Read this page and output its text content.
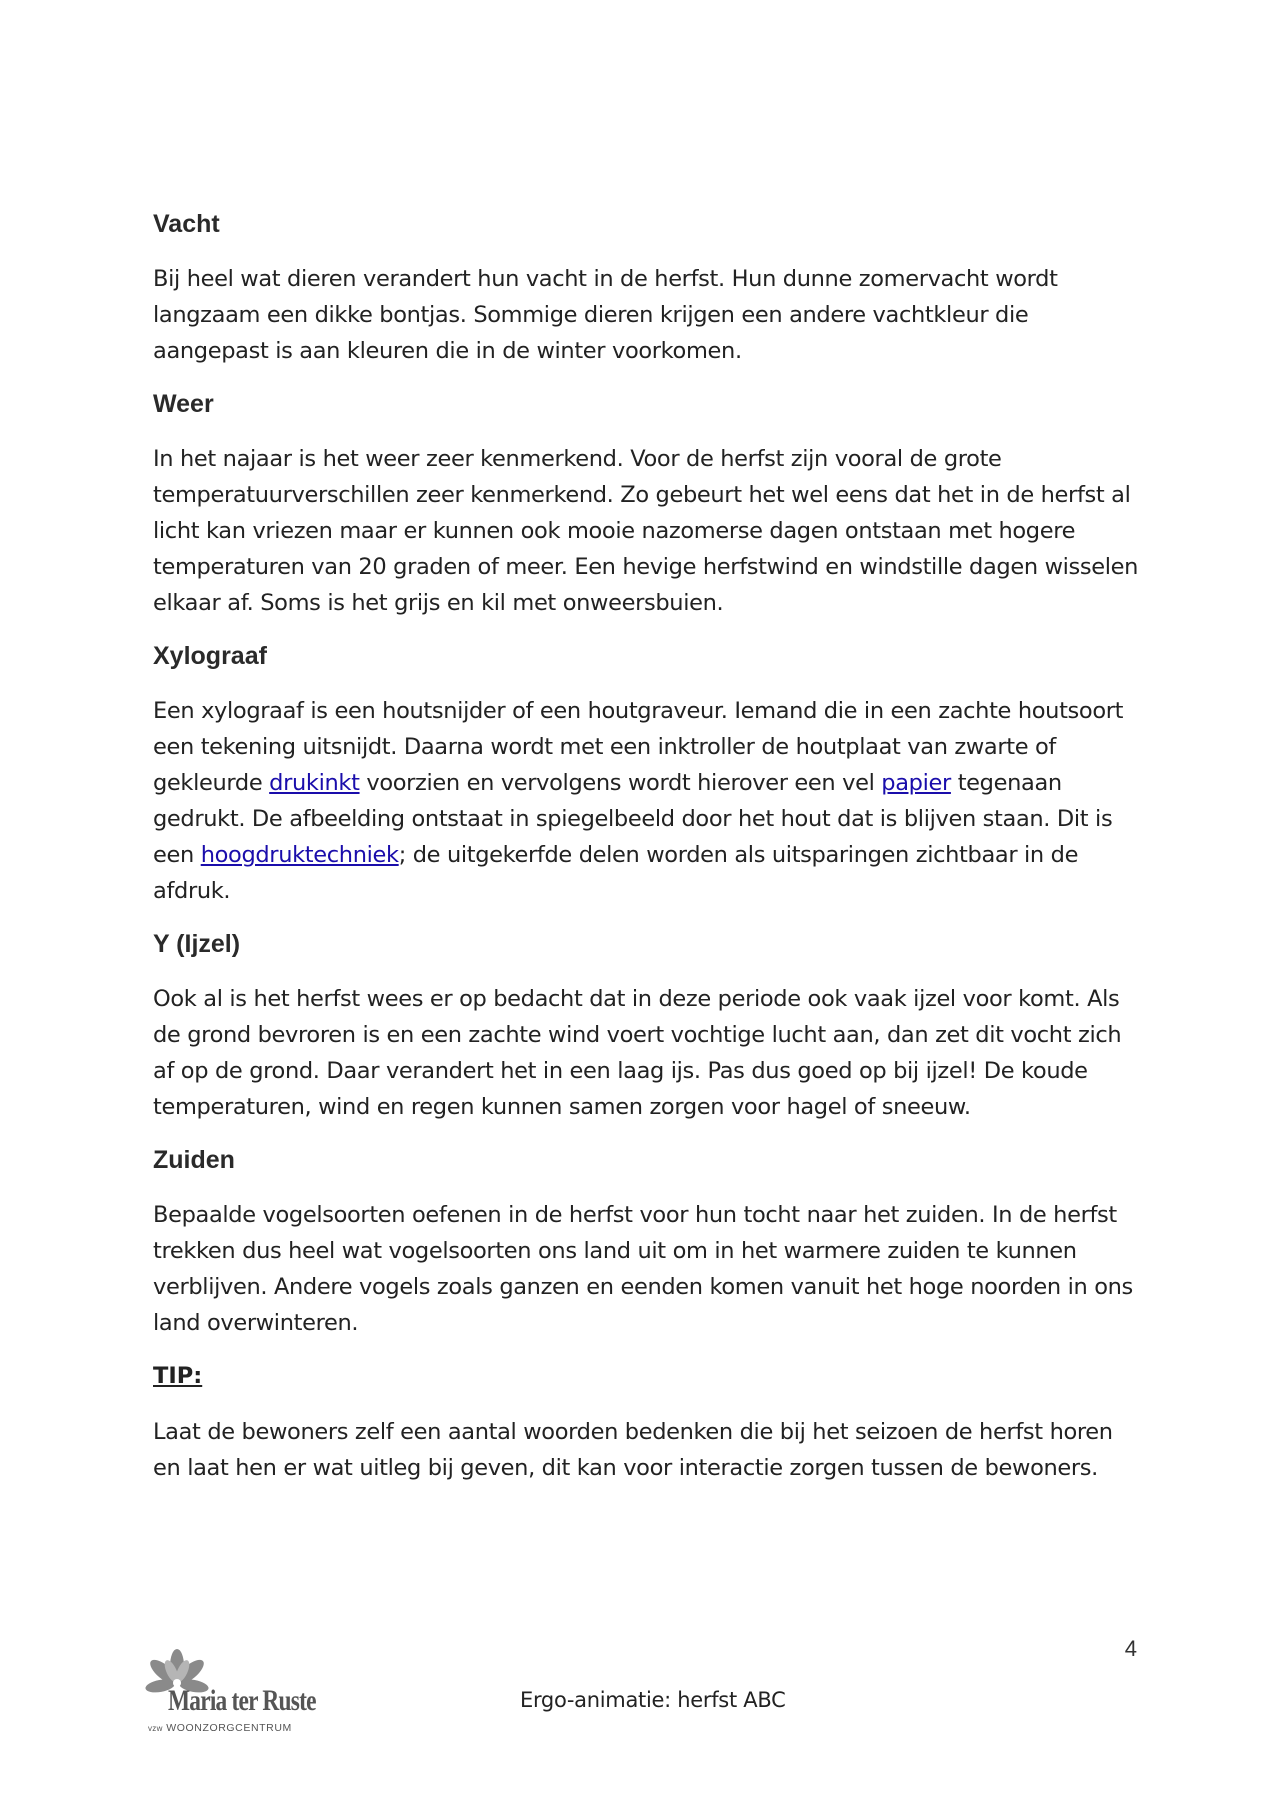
Vacht

Bij heel wat dieren verandert hun vacht in de herfst. Hun dunne zomervacht wordt langzaam een dikke bontjas. Sommige dieren krijgen een andere vachtkleur die aangepast is aan kleuren die in de winter voorkomen.

Weer

In het najaar is het weer zeer kenmerkend. Voor de herfst zijn vooral de grote temperatuurverschillen zeer kenmerkend. Zo gebeurt het wel eens dat het in de herfst al licht kan vriezen maar er kunnen ook mooie nazomerse dagen ontstaan met hogere temperaturen van 20 graden of meer. Een hevige herfstwind en windstille dagen wisselen elkaar af. Soms is het grijs en kil met onweersbuien.

Xylograaf

Een xylograaf is een houtsnijder of een houtgraveur. Iemand die in een zachte houtsoort een tekening uitsnijdt. Daarna wordt met een inktroller de houtplaat van zwarte of gekleurde drukinkt voorzien en vervolgens wordt hierover een vel papier tegenaan gedrukt. De afbeelding ontstaat in spiegelbeeld door het hout dat is blijven staan. Dit is een hoogdruktechniek; de uitgekerfde delen worden als uitsparingen zichtbaar in de afdruk.

Y (Ijzel)

Ook al is het herfst wees er op bedacht dat in deze periode ook vaak ijzel voor komt. Als de grond bevroren is en een zachte wind voert vochtige lucht aan, dan zet dit vocht zich af op de grond. Daar verandert het in een laag ijs. Pas dus goed op bij ijzel! De koude temperaturen, wind en regen kunnen samen zorgen voor hagel of sneeuw.

Zuiden

Bepaalde vogelsoorten oefenen in de herfst voor hun tocht naar het zuiden. In de herfst trekken dus heel wat vogelsoorten ons land uit om in het warmere zuiden te kunnen verblijven. Andere vogels zoals ganzen en eenden komen vanuit het hoge noorden in ons land overwinteren.

TIP:

Laat de bewoners zelf een aantal woorden bedenken die bij het seizoen de herfst horen en laat hen er wat uitleg bij geven, dit kan voor interactie zorgen tussen de bewoners.

4
Maria ter Ruste
vzw WOONZORGCENTRUM
Ergo-animatie: herfst ABC
